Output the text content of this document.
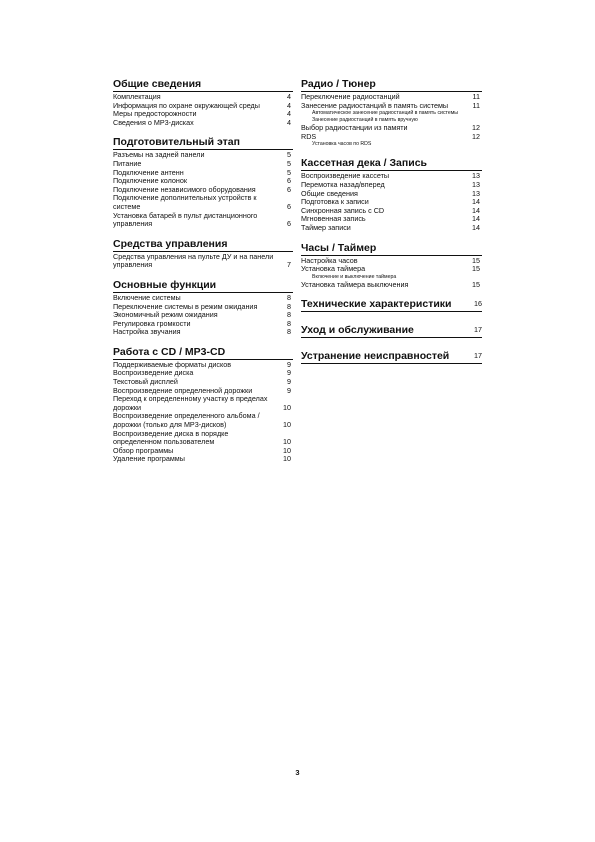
Общие сведения
Комплектация	4
Информация по охране окружающей среды	4
Меры предосторожности	4
Сведения о MP3-дисках	4
Подготовительный этап
Разъемы на задней панели	5
Питание	5
Подключение антенн	5
Подключение колонок	6
Подключение независимого оборудования	6
Подключение дополнительных устройств к системе	6
Установка батарей в пульт дистанционного управления	6
Средства управления
Средства управления на пульте ДУ и на панели управления	7
Основные функции
Включение системы	8
Переключение системы в режим ожидания	8
Экономичный режим ожидания	8
Регулировка громкости	8
Настройка звучания	8
Работа с CD / MP3-CD
Поддерживаемые форматы дисков	9
Воспроизведение диска	9
Текстовый дисплей	9
Воспроизведение определенной дорожки	9
Переход к определенному участку в пределах дорожки	10
Воспроизведение определенного альбома / дорожки (только для MP3-дисков)	10
Воспроизведение диска в порядке определенном пользователем	10
Обзор программы	10
Удаление программы	10
Радио / Тюнер
Переключение радиостанций	11
Занесение радиостанций в память системы	11
Автоматическое занесение радиостанций в память системы
Занесение радиостанций в память вручную
Выбор радиостанции из памяти	12
RDS	12
Установка часов по RDS
Кассетная дека / Запись
Воспроизведение кассеты	13
Перемотка назад/вперед	13
Общие сведения	13
Подготовка к записи	14
Синхронная запись с CD	14
Мгновенная запись	14
Таймер записи	14
Часы / Таймер
Настройка часов	15
Установка таймера	15
Включение и выключение таймера
Установка таймера выключения	15
Технические характеристики	16
Уход и обслуживание	17
Устранение неисправностей	17
3
